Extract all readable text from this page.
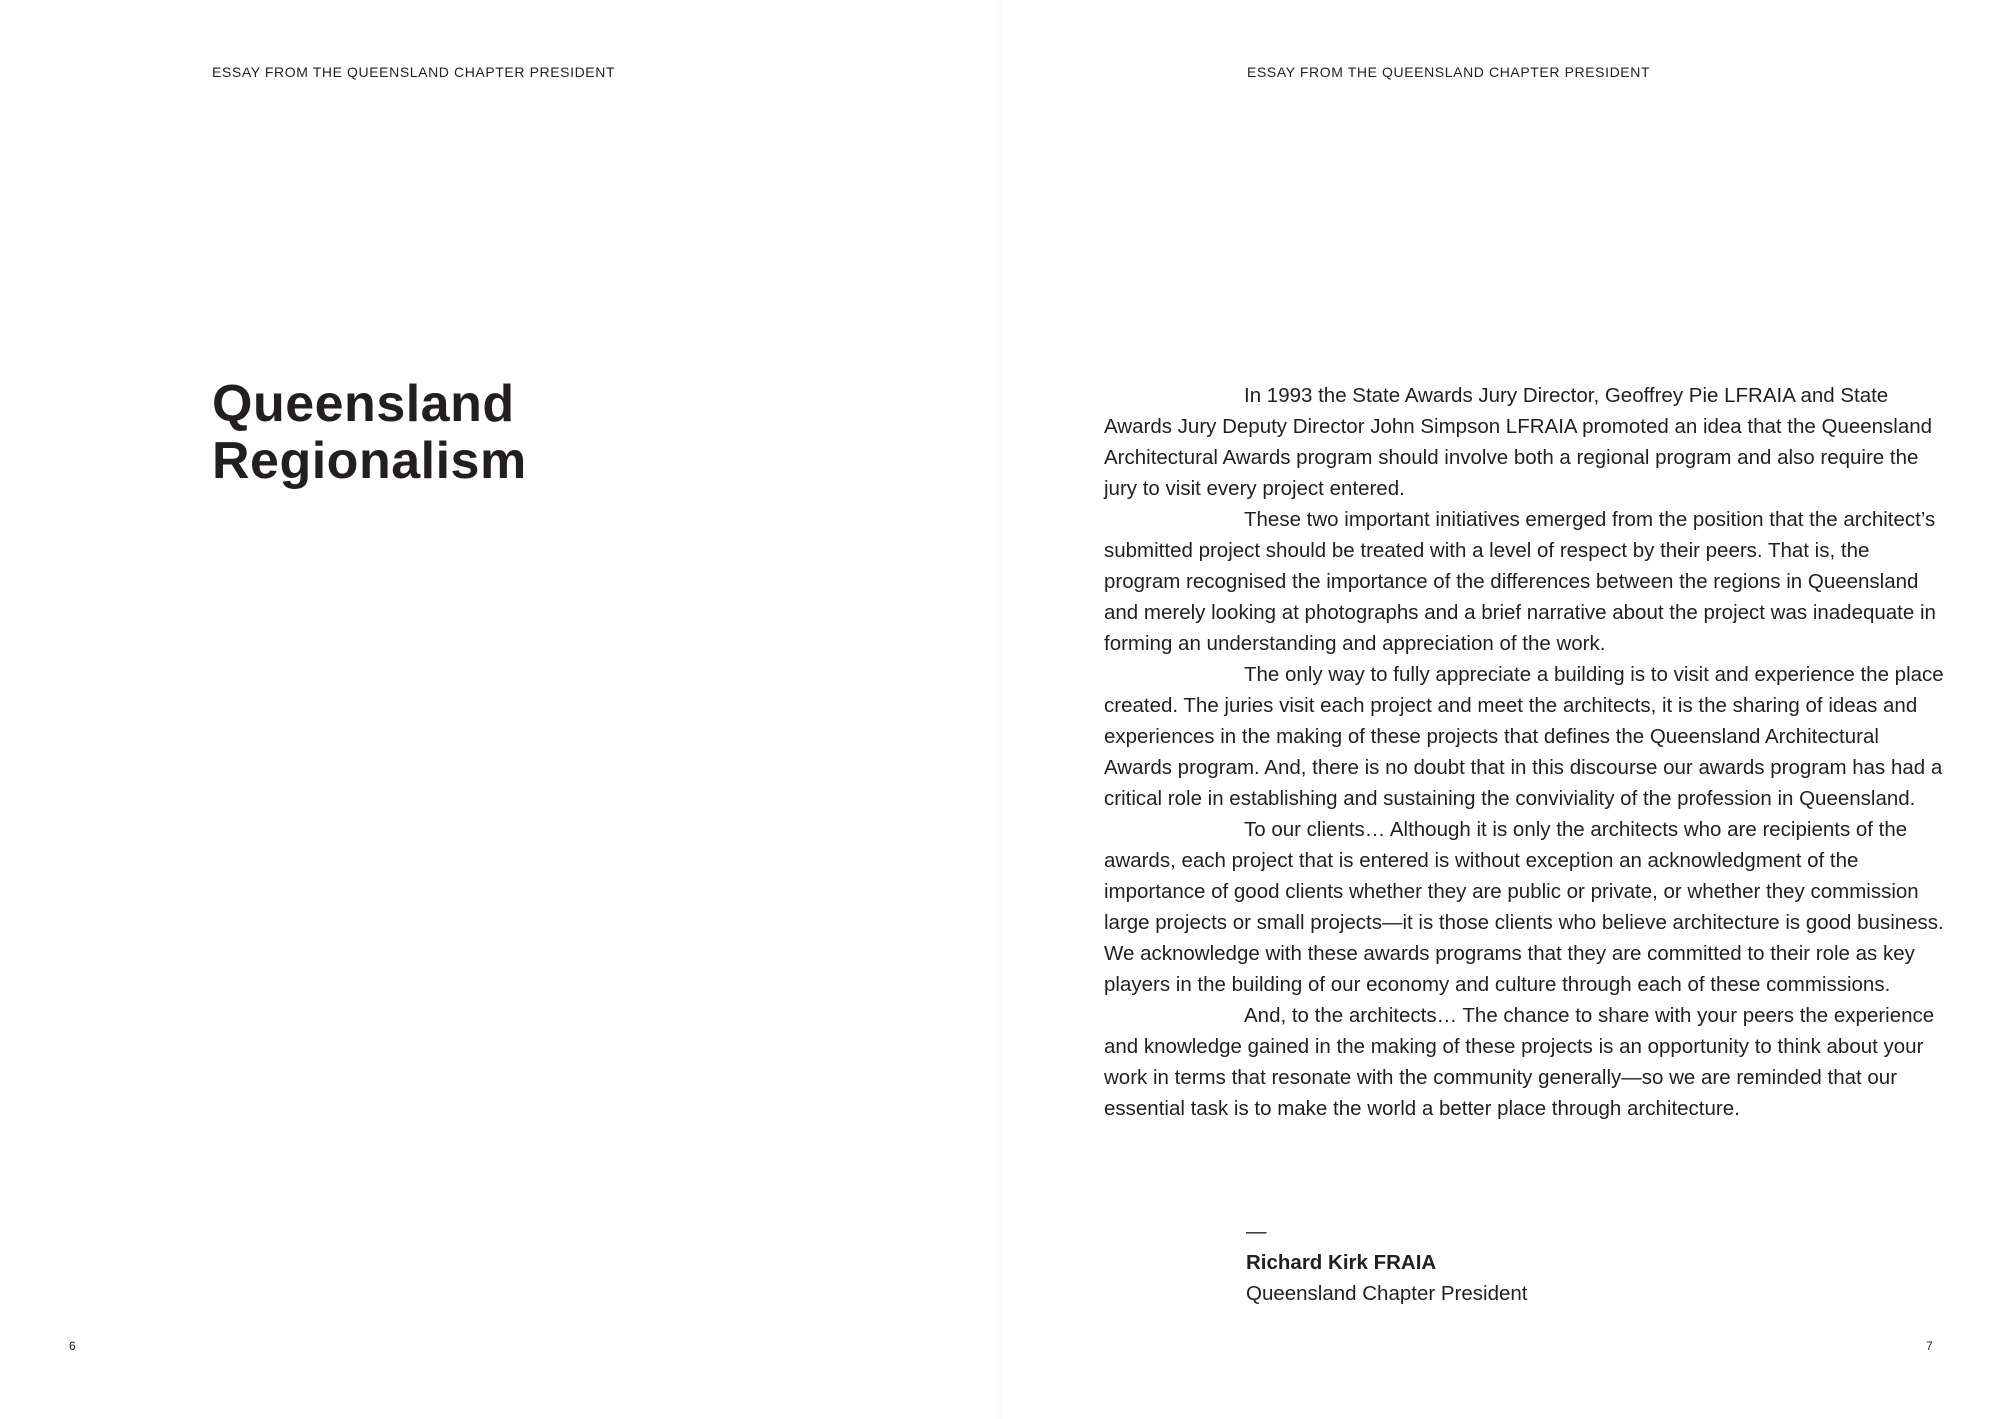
ESSAY FROM THE QUEENSLAND CHAPTER PRESIDENT
Queensland
Regionalism
6
ESSAY FROM THE QUEENSLAND CHAPTER PRESIDENT

In 1993 the State Awards Jury Director, Geoffrey Pie LFRAIA and State Awards Jury Deputy Director John Simpson LFRAIA promoted an idea that the Queensland Architectural Awards program should involve both a regional program and also require the jury to visit every project entered.

These two important initiatives emerged from the position that the architect’s submitted project should be treated with a level of respect by their peers. That is, the program recognised the importance of the differences between the regions in Queensland and merely looking at photographs and a brief narrative about the project was inadequate in forming an understanding and appreciation of the work.

The only way to fully appreciate a building is to visit and experience the place created. The juries visit each project and meet the architects, it is the sharing of ideas and experiences in the making of these projects that defines the Queensland Architectural Awards program. And, there is no doubt that in this discourse our awards program has had a critical role in establishing and sustaining the conviviality of the profession in Queensland.

To our clients… Although it is only the architects who are recipients of the awards, each project that is entered is without exception an acknowledgment of the importance of good clients whether they are public or private, or whether they commission large projects or small projects—it is those clients who believe architecture is good business. We acknowledge with these awards programs that they are committed to their role as key players in the building of our economy and culture through each of these commissions.

And, to the architects… The chance to share with your peers the experience and knowledge gained in the making of these projects is an opportunity to think about your work in terms that resonate with the community generally—so we are reminded that our essential task is to make the world a better place through architecture.

—
Richard Kirk FRAIA
Queensland Chapter President
7
